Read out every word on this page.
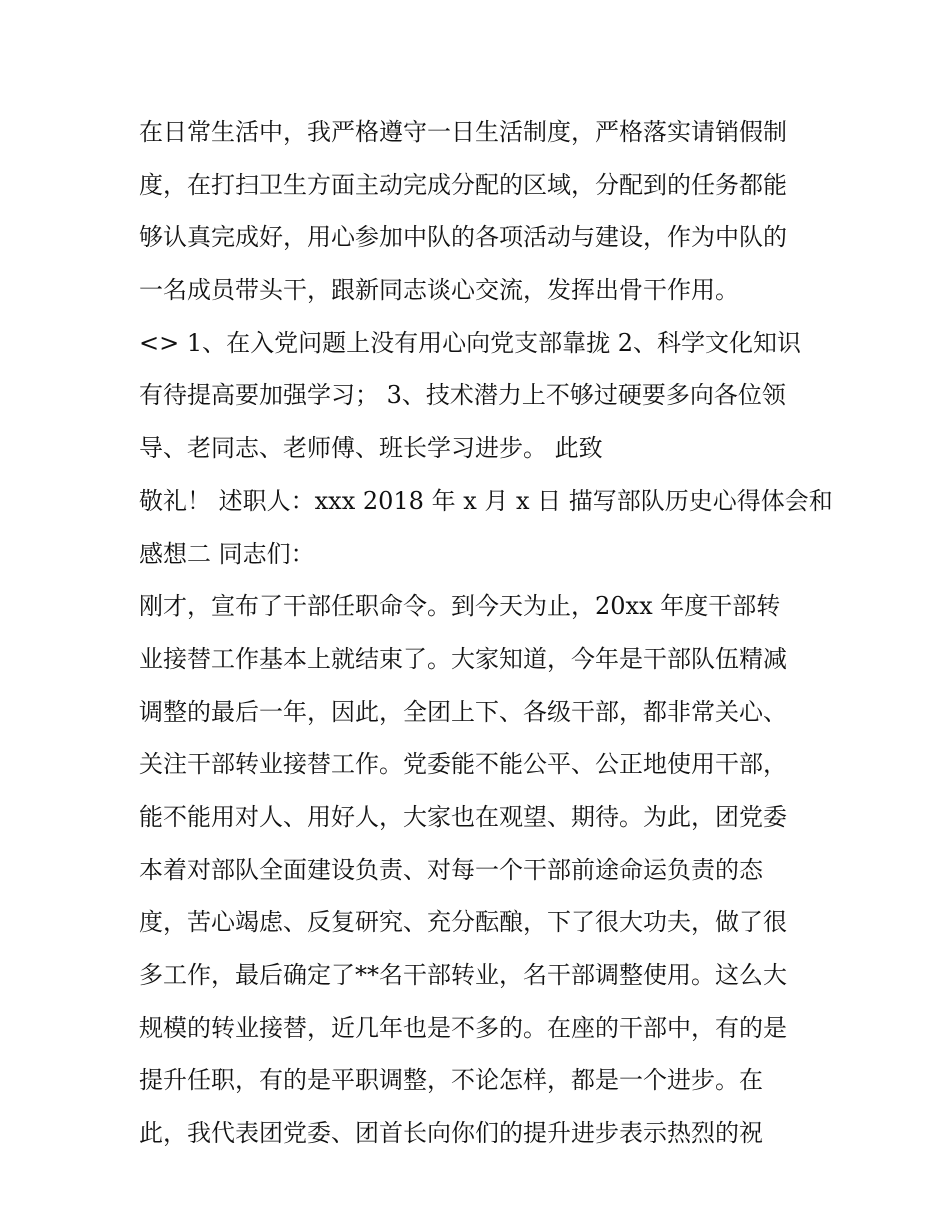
在日常生活中，我严格遵守一日生活制度，严格落实请销假制
度，在打扫卫生方面主动完成分配的区域，分配到的任务都能
够认真完成好，用心参加中队的各项活动与建设，作为中队的
一名成员带头干，跟新同志谈心交流，发挥出骨干作用。
<> 1、在入党问题上没有用心向党支部靠拢 2、科学文化知识
有待提高要加强学习； 3、技术潜力上不够过硬要多向各位领
导、老同志、老师傅、班长学习进步。 此致
敬礼！ 述职人：xxx 2018 年 x 月 x 日 描写部队历史心得体会和
感想二 同志们：
刚才，宣布了干部任职命令。到今天为止，20xx 年度干部转
业接替工作基本上就结束了。大家知道，今年是干部队伍精减
调整的最后一年，因此，全团上下、各级干部，都非常关心、
关注干部转业接替工作。党委能不能公平、公正地使用干部，
能不能用对人、用好人，大家也在观望、期待。为此，团党委
本着对部队全面建设负责、对每一个干部前途命运负责的态
度，苦心竭虑、反复研究、充分酝酿，下了很大功夫，做了很
多工作，最后确定了**名干部转业，名干部调整使用。这么大
规模的转业接替，近几年也是不多的。在座的干部中，有的是
提升任职，有的是平职调整，不论怎样，都是一个进步。在
此，我代表团党委、团首长向你们的提升进步表示热烈的祝
